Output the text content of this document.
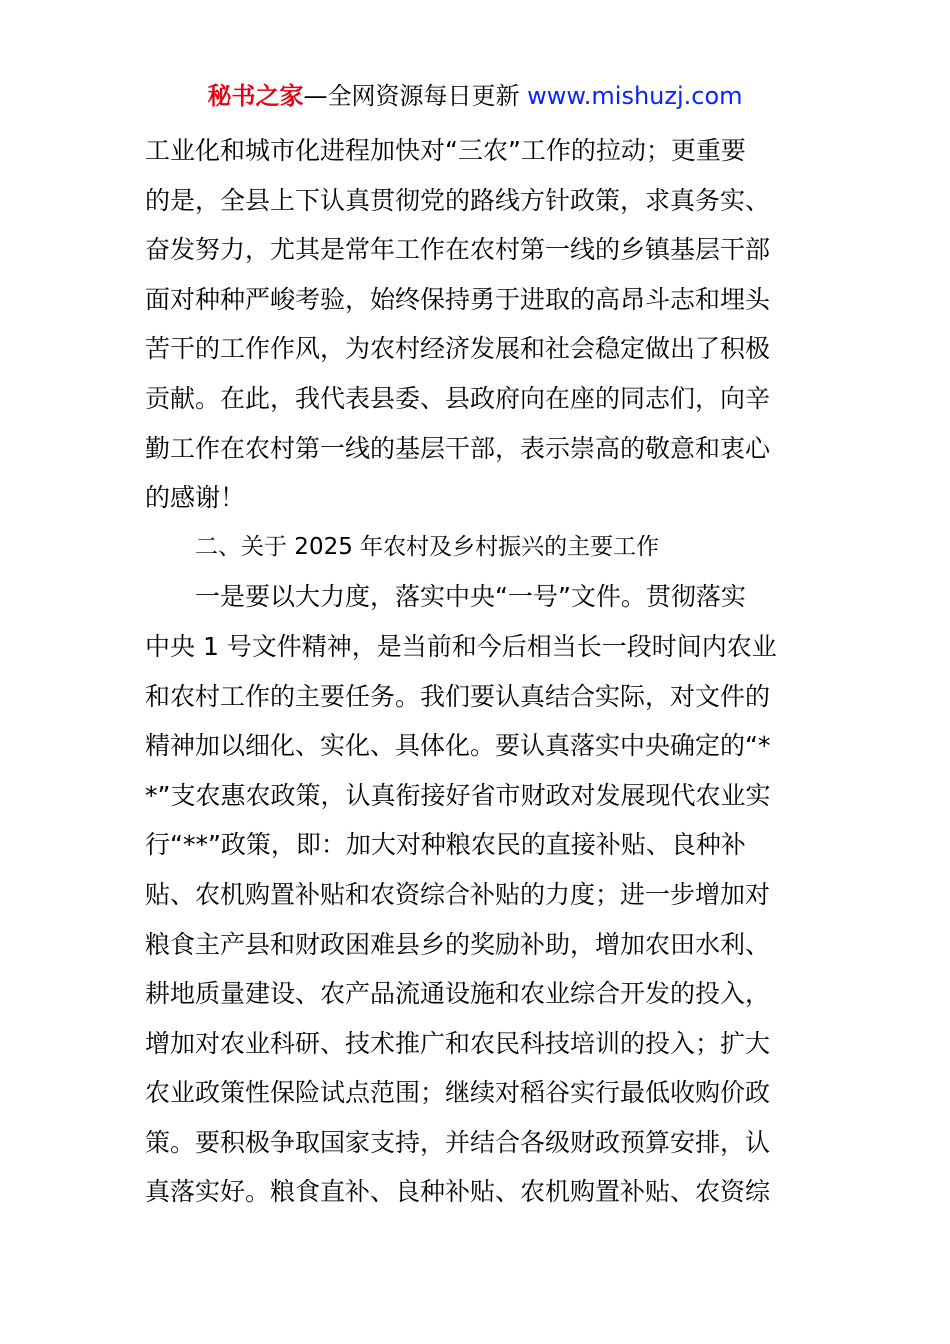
秘书之家—全网资源每日更新 www.mishuzj.com
工业化和城市化进程加快对“三农”工作的拉动；更重要
的是，全县上下认真贯彻党的路线方针政策，求真务实、
奋发努力，尤其是常年工作在农村第一线的乡镇基层干部
面对种种严峻考验，始终保持勇于进取的高昂斗志和埋头
苦干的工作作风，为农村经济发展和社会稳定做出了积极
贡献。在此，我代表县委、县政府向在座的同志们，向辛
勤工作在农村第一线的基层干部，表示崇高的敬意和衷心
的感谢！
二、关于 2025 年农村及乡村振兴的主要工作
一是要以大力度，落实中央“一号”文件。贯彻落实
中央 1 号文件精神，是当前和今后相当长一段时间内农业
和农村工作的主要任务。我们要认真结合实际，对文件的
精神加以细化、实化、具体化。要认真落实中央确定的“*
*”支农惠农政策，认真衔接好省市财政对发展现代农业实
行“**”政策，即：加大对种粮农民的直接补贴、良种补
贴、农机购置补贴和农资综合补贴的力度；进一步增加对
粮食主产县和财政困难县乡的奖励补助，增加农田水利、
耕地质量建设、农产品流通设施和农业综合开发的投入，
增加对农业科研、技术推广和农民科技培训的投入；扩大
农业政策性保险试点范围；继续对稻谷实行最低收购价政
策。要积极争取国家支持，并结合各级财政预算安排，认
真落实好。粮食直补、良种补贴、农机购置补贴、农资综
